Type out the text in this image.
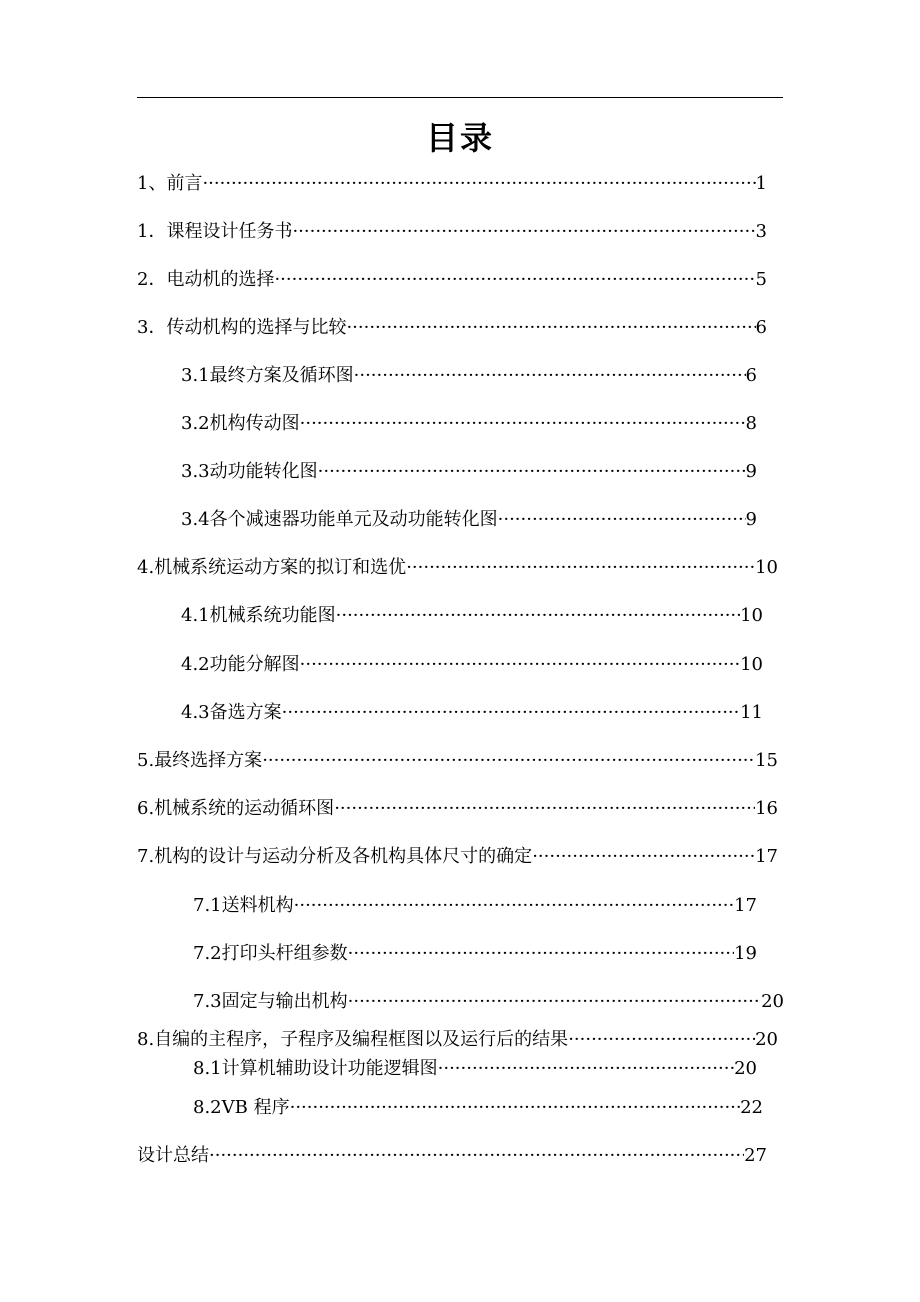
目录
1、 前言 ·····	1
1． 课程设计任务书 ·····	3
2． 电动机的选择 ·····	5
3． 传动机构的选择与比较 ·····	6
3.1 最终方案及循环图 ·····	6
3.2 机构传动图 ·····	8
3.3 动功能转化图 ·····	9
3.4 各个减速器功能单元及动功能转化图 ·····	9
4. 机械系统运动方案的拟订和选优 ·····	10
4.1 机械系统功能图 ·····	10
4.2 功能分解图 ·····	10
4.3 备选方案 ·····	11
5. 最终选择方案 ·····	15
6. 机械系统的运动循环图 ·····	16
7. 机构的设计与运动分析及各机构具体尺寸的确定 ·····	17
7.1 送料机构 ·····	17
7.2 打印头杆组参数 ·····	19
7.3 固定与输出机构 ·····	20
8. 自编的主程序，子程序及编程框图以及运行后的结果 ·····	20
8.1 计算机辅助设计功能逻辑图 ·····	20
8.2 VB 程序 ·····	22
设计总结 ·····	27
